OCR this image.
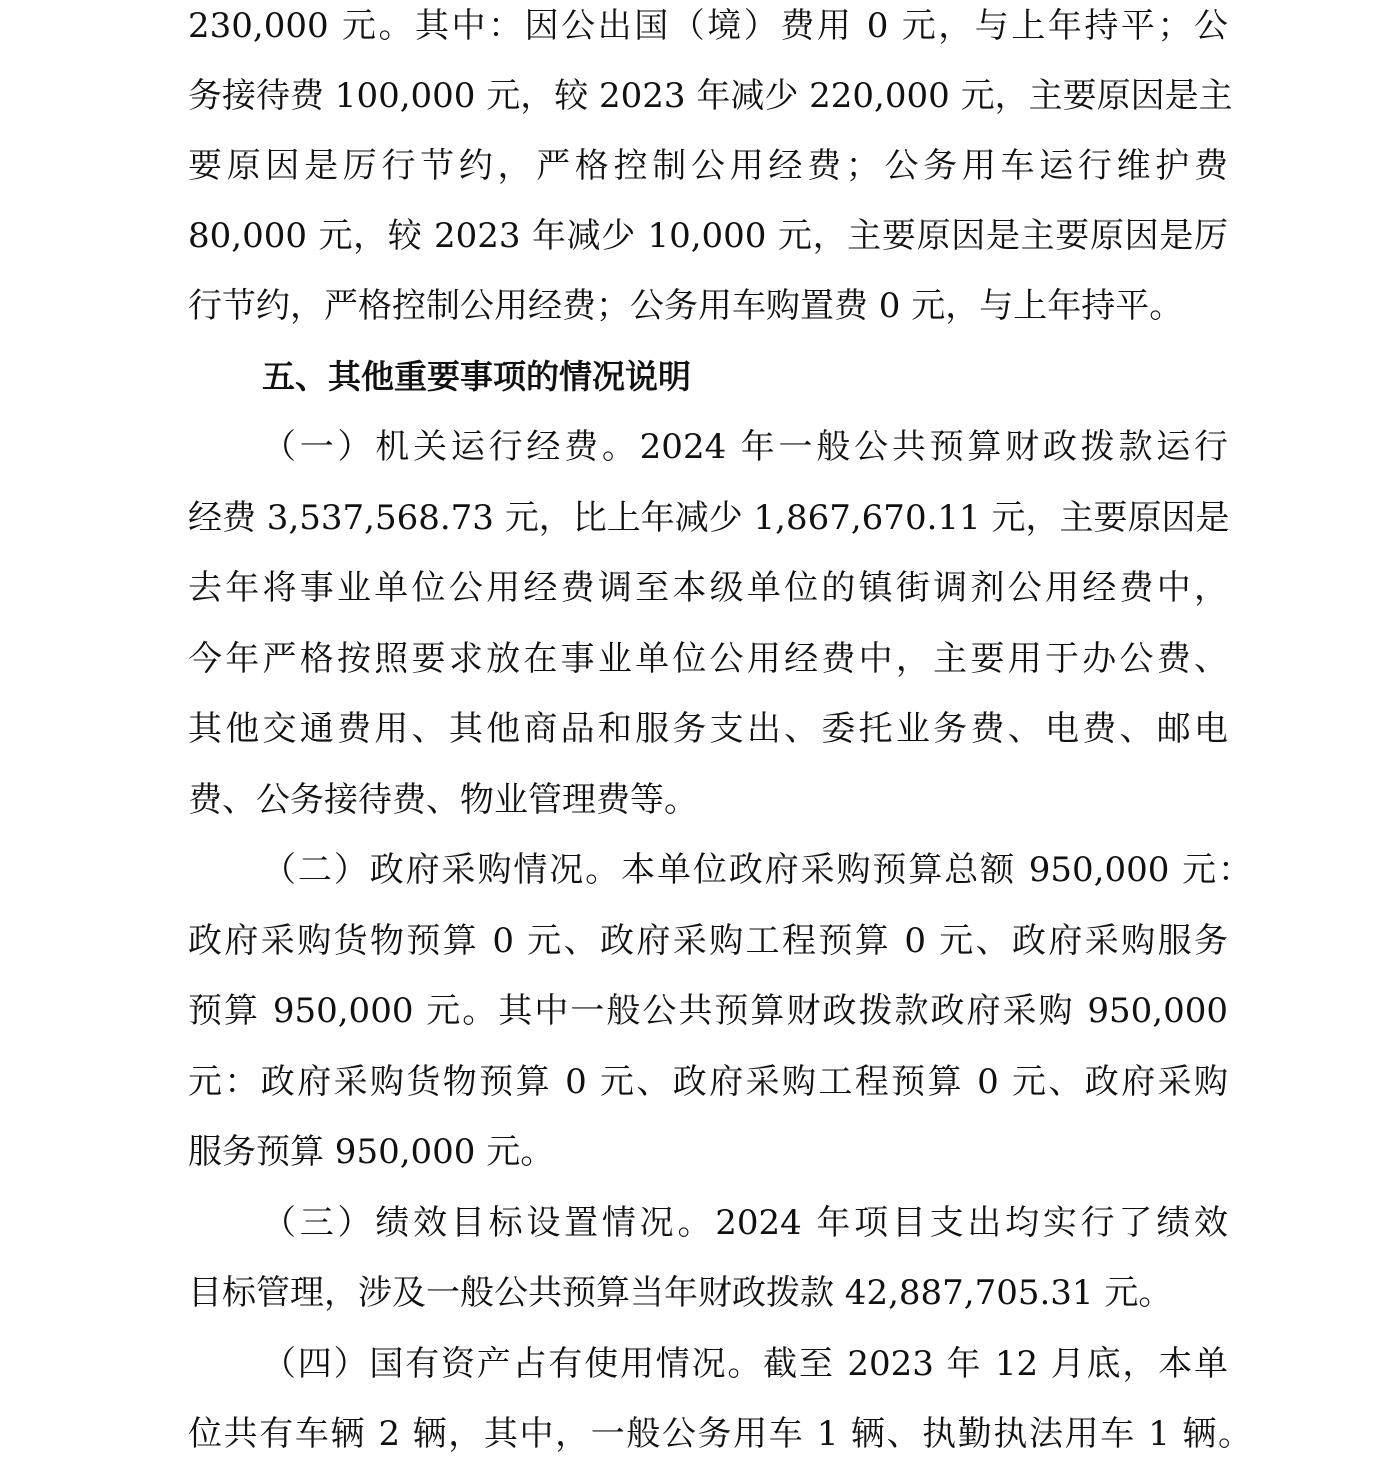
230,000 元。其中：因公出国（境）费用 0 元，与上年持平；公
务接待费 100,000 元，较 2023 年减少 220,000 元，主要原因是主
要原因是厉行节约，严格控制公用经费；公务用车运行维护费
80,000 元，较 2023 年减少 10,000 元，主要原因是主要原因是厉
行节约，严格控制公用经费；公务用车购置费 0 元，与上年持平。
五、其他重要事项的情况说明
（一）机关运行经费。2024 年一般公共预算财政拨款运行
经费 3,537,568.73 元，比上年减少 1,867,670.11 元，主要原因是
去年将事业单位公用经费调至本级单位的镇街调剂公用经费中，
今年严格按照要求放在事业单位公用经费中，主要用于办公费、
其他交通费用、其他商品和服务支出、委托业务费、电费、邮电
费、公务接待费、物业管理费等。
（二）政府采购情况。本单位政府采购预算总额 950,000 元：
政府采购货物预算 0 元、政府采购工程预算 0 元、政府采购服务
预算 950,000 元。其中一般公共预算财政拨款政府采购 950,000
元：政府采购货物预算 0 元、政府采购工程预算 0 元、政府采购
服务预算 950,000 元。
（三）绩效目标设置情况。2024 年项目支出均实行了绩效
目标管理，涉及一般公共预算当年财政拨款 42,887,705.31 元。
（四）国有资产占有使用情况。截至 2023 年 12 月底，本单
位共有车辆 2 辆，其中，一般公务用车 1 辆、执勤执法用车 1 辆。
